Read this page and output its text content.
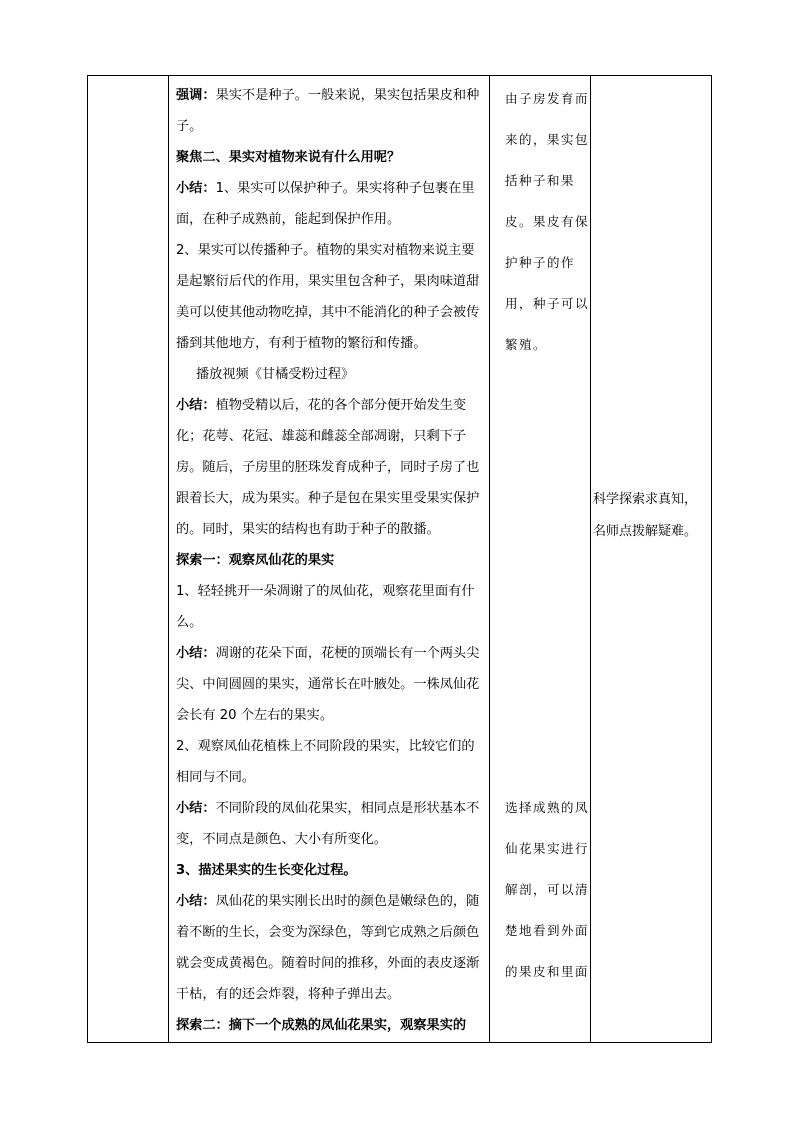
强调：果实不是种子。一般来说，果实包括果皮和种子。

聚焦二、果实对植物来说有什么用呢？

小结：1、果实可以保护种子。果实将种子包裹在里面，在种子成熟前，能起到保护作用。

2、果实可以传播种子。植物的果实对植物来说主要是起繁衍后代的作用，果实里包含种子，果肉味道甜美可以使其他动物吃掉，其中不能消化的种子会被传播到其他地方，有利于植物的繁衍和传播。

播放视频《甘橘受粉过程》

小结：植物受精以后，花的各个部分便开始发生变化；花萼、花冠、雄蕊和雌蕊全部凋谢，只剩下子房。随后，子房里的胚珠发育成种子，同时子房了也跟着长大，成为果实。种子是包在果实里受果实保护的。同时，果实的结构也有助于种子的散播。

探索一：观察凤仙花的果实

1、轻轻挑开一朵凋谢了的凤仙花，观察花里面有什么。

小结：凋谢的花朵下面，花梗的顶端长有一个两头尖尖、中间圆圆的果实，通常长在叶腋处。一株凤仙花会长有 20 个左右的果实。

2、观察凤仙花植株上不同阶段的果实，比较它们的相同与不同。

小结：不同阶段的凤仙花果实，相同点是形状基本不变，不同点是颜色、大小有所变化。

3、描述果实的生长变化过程。

小结：凤仙花的果实刚长出时的颜色是嫩绿色的，随着不断的生长，会变为深绿色，等到它成熟之后颜色就会变成黄褐色。随着时间的推移，外面的表皮逐渐干枯，有的还会炸裂，将种子弹出去。

探索二：摘下一个成熟的凤仙花果实，观察果实的

由子房发育而来的，果实包括种子和果皮。果皮有保护种子的作用，种子可以繁殖。
选择成熟的凤仙花果实进行解剖，可以清楚地看到外面的果皮和里面
科学探索求真知，名师点拨解疑难。
